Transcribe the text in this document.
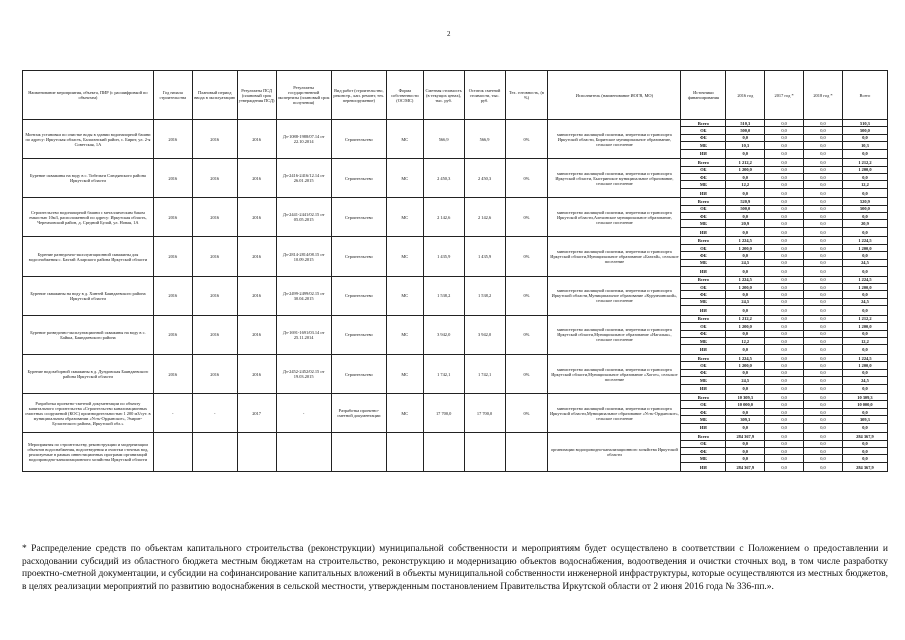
2
Наименование мероприятия, объекта, ПИР (с расшифровкой по объектам)	Год начала строительства	Плановый период ввода в эксплуатацию	Результаты ПСД (плановый срок утверждения ПСД)	Результаты государственной экспертизы (плановый срок получения)	Вид работ (строительство, реконстр., кап. ремонт, тех. перевооружение)	Форма собственности (ОС/МС)	Сметная стоимость (в текущих ценах), тыс. руб.	Остаток сметной стоимости, тыс. руб.	Тех. готовность, (в %)	Исполнитель (наименование ИОГВ, МО)	Источники финансирования	2016 год	2017 год *	2018 год *	Всего
Монтаж установки по очистке воды в здании водонапорной башни по адресу: Иркутская область, Балаганский район, с. Бирит, ул. 2-я Советская, 1А	2016	2016	2016	Дз-1088-1988/07.14 от 22.10.2014	Строительство	МС	566,9	566,9	0%	министерство жилищной политики, энергетики и транспорта Иркутской области, Биритское муниципальное образование, сельское поселение	Всего	510,3	0,0	0,0	510,3
											ОБ	500,0	0,0	0,0	500,0
											ФБ	0,0	0,0	0,0	0,0
											МБ	10,3	0,0	0,0	10,3
											ИИ	0,0	0,0	0,0	0,0
Бурение скважины на воду в с. Тибельти Слюдянского района Иркутской области	2016	2016	2016	Дз-2416-2416/12.14 от 26.01.2015	Строительство	МС	2 450,3	2 450,3	0%	министерство жилищной политики, энергетики и транспорта Иркутской области, Быстринское муниципальное образование, сельское поселение	Всего	1 212,2	0,0	0,0	1 212,2
											ОБ	1 200,0	0,0	0,0	1 200,0
											ФБ	0,0	0,0	0,0	0,0
											МБ	12,2	0,0	0,0	12,2
											ИИ	0,0	0,0	0,0	0,0
Строительство водонапорной башни с металлическим баком емкостью 10м3, расположенной по адресу: Иркутская область, Черемховский район, д. Средний Булай, ул. Новая, 1А	2016	2016	2016	Дз-2441-2441/02.15 от 05.05.2015	Строительство	МС	2 142,6	2 142,6	0%	министерство жилищной политики, энергетики и транспорта Иркутской области,Алехинское муниципальное образование, сельское поселение	Всего	520,9	0,0	0,0	520,9
											ОБ	500,0	0,0	0,0	500,0
											ФБ	0,0	0,0	0,0	0,0
											МБ	20,9	0,0	0,0	20,9
											ИИ	0,0	0,0	0,0	0,0
Бурение разведочно-эксплуатационной скважины для водоснабжения с. Бахтай Аларского района Иркутской области	2016	2016	2016	Дз-2814-2814/08.15 от 10.09.2015	Строительство	МС	1 435,9	1 435,9	0%	министерство жилищной политики, энергетики и транспорта Иркутской области,Муниципальное образование «Бахтай», сельское поселение	Всего	1 224,5	0,0	0,0	1 224,5
											ОБ	1 200,0	0,0	0,0	1 200,0
											ФБ	0,0	0,0	0,0	0,0
											МБ	24,5	0,0	0,0	24,5
											ИИ	0,0	0,0	0,0	0,0
Бурение скважины на воду в д. Хинтей Баяндаевского района Иркутской области	2016	2016	2016	Дз-2499-2499/02.15 от 30.04.2015	Строительство	МС	1 538,2	1 538,2	0%	министерство жилищной политики, энергетики и транспорта Иркутской области,Муниципальное образование «Курумчинский», сельское поселение	Всего	1 224,5	0,0	0,0	1 224,5
											ОБ	1 200,0	0,0	0,0	1 200,0
											ФБ	0,0	0,0	0,0	0,0
											МБ	24,5	0,0	0,0	24,5
											ИИ	0,0	0,0	0,0	0,0
Бурение разведочно-эксплуатационной скважины на воду в с. Байша, Баяндаевского района	2016	2016	2016	Дз-1691-1691/03.14 от 25.11.2014	Строительство	МС	3 942,0	3 942,0	0%	министерство жилищной политики, энергетики и транспорта Иркутской области,Муниципальное образование «Нагалык», сельское поселение	Всего	1 212,2	0,0	0,0	1 212,2
											ОБ	1 200,0	0,0	0,0	1 200,0
											ФБ	0,0	0,0	0,0	0,0
											МБ	12,2	0,0	0,0	12,2
											ИИ	0,0	0,0	0,0	0,0
Бурение водозаборной скважины в д. Дундовская Баяндаевского района Иркутской области	2016	2016	2016	Дз-2452-2452/02.15 от 19.03.2015	Строительство	МС	1 742,1	1 742,1	0%	министерство жилищной политики, энергетики и транспорта Иркутской области,Муниципальное образование «Хогот», сельское поселение	Всего	1 224,5	0,0	0,0	1 224,5
											ОБ	1 200,0	0,0	0,0	1 200,0
											ФБ	0,0	0,0	0,0	0,0
											МБ	24,5	0,0	0,0	24,5
											ИИ	0,0	0,0	0,0	0,0
Разработка проектно-сметной документации по объекту капитального строительства «Строительство канализационных очистных сооружений (КОС) производительностью 1 200 м3/сут. в муниципальном образовании «Усть-Ордынское», Эхирит-Булагатского района, Иркутской обл.»	-	-	2017	-	Разработка проектно-сметной документации	МС	17 700,0	17 700,0	0%	министерство жилищной политики, энергетики и транспорта Иркутской области,Муниципальное образование «Усть-Ордынское», сельское поселение	Всего	10 309,3	0,0	0,0	10 309,3
											ОБ	10 000,0	0,0	0,0	10 000,0
											ФБ	0,0	0,0	0,0	0,0
											МБ	309,3	0,0	0,0	309,3
											ИИ	0,0	0,0	0,0	0,0
Мероприятия по строительству, реконструкции и модернизации объектов водоснабжения, водоотведения и очистки сточных вод, реализуемые в рамках инвестиционных программ организаций водопроводно-канализационного хозяйства Иркутской области										организации водопроводно-канализационного хозяйства Иркутской области	Всего	284 367,9	0,0	0,0	284 367,9
											ОБ	0,0	0,0	0,0	0,0
											ФБ	0,0	0,0	0,0	0,0
											МБ	0,0	0,0	0,0	0,0
											ИИ	284 367,9	0,0	0,0	284 367,9
* Распределение средств по объектам капитального строительства (реконструкции) муниципальной собственности и мероприятиям будет осуществлено в соответствии с Положением о предоставлении и расходовании субсидий из областного бюджета местным бюджетам на строительство, реконструкцию и модернизацию объектов водоснабжения, водоотведения и очистки сточных вод, в том числе разработку проектно-сметной документации, и субсидии на софинансирование капитальных вложений в объекты муниципальной собственности инженерной инфраструктуры, которые осуществляются из местных бюджетов, в целях реализации мероприятий по развитию водоснабжения в сельской местности, утвержденным постановлением Правительства Иркутской области от 2 июня 2016 года № 336-пп.».
